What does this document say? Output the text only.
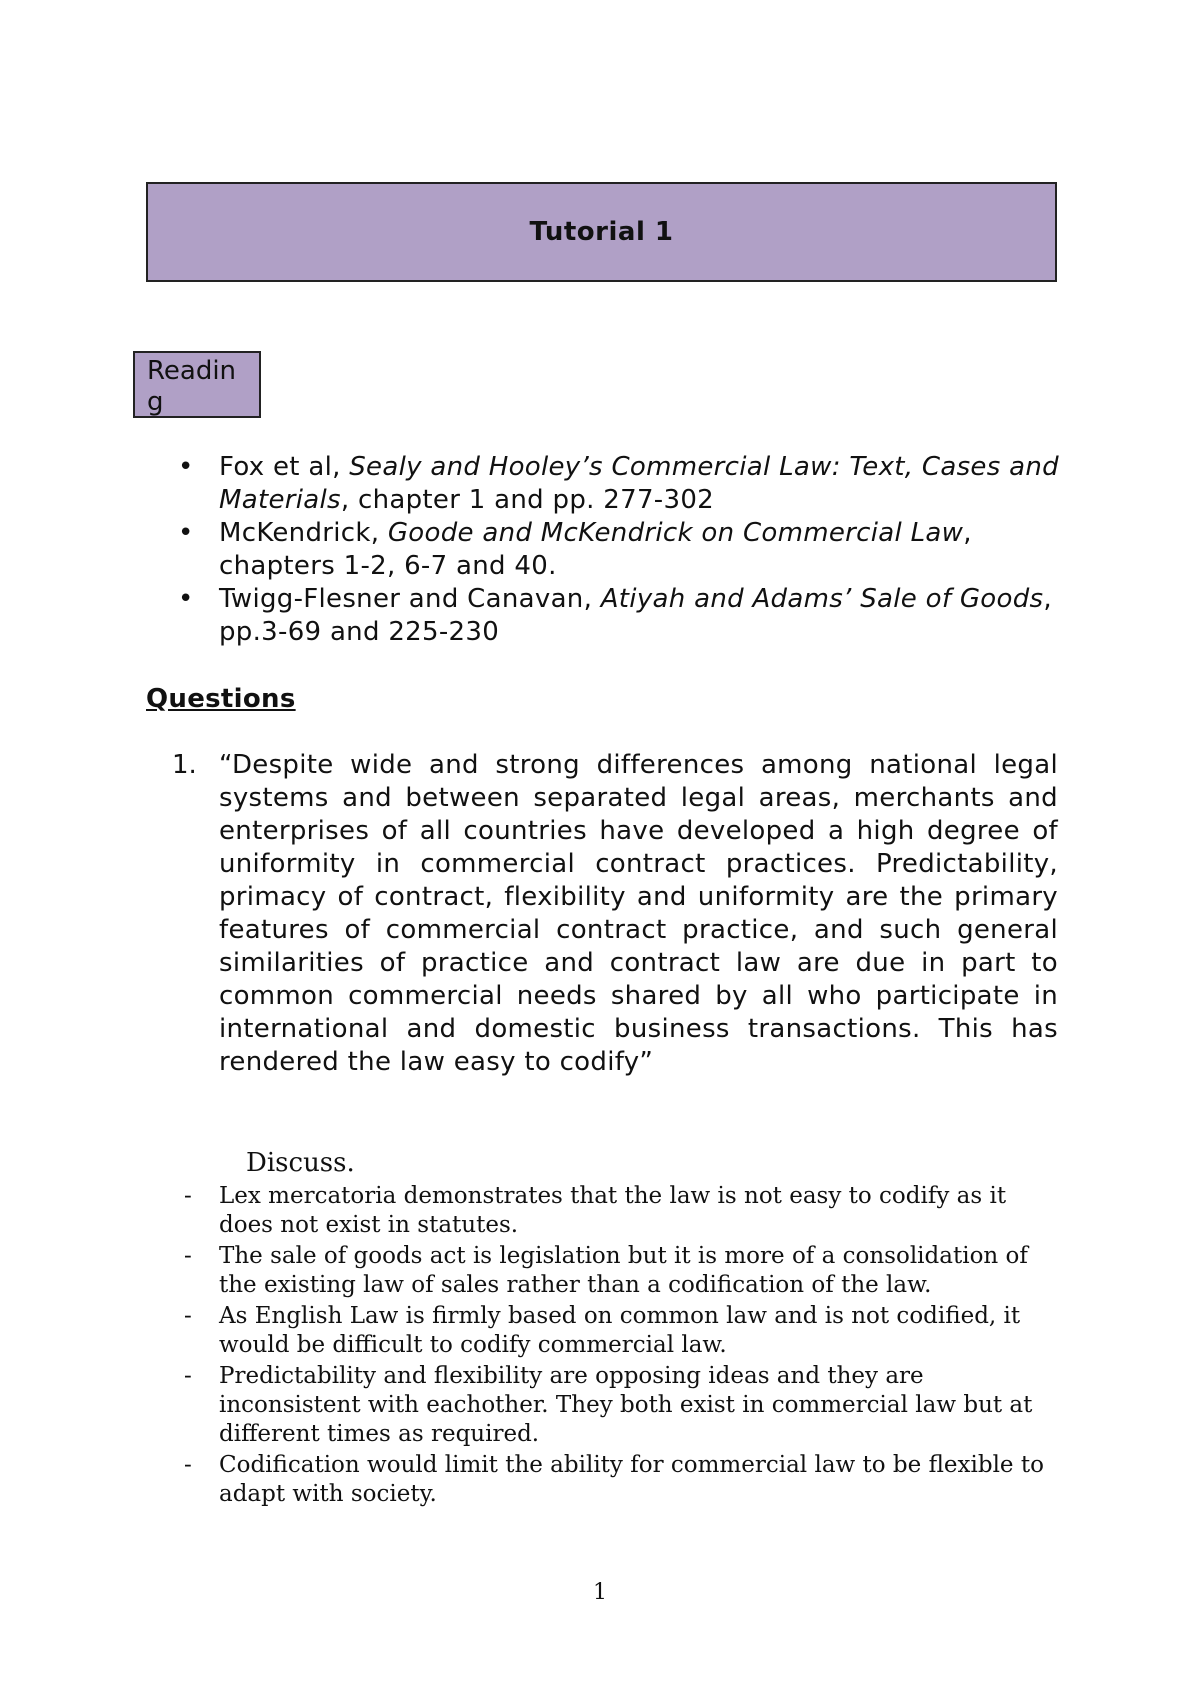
Tutorial 1
Reading
• Fox et al, Sealy and Hooley’s Commercial Law: Text, Cases and Materials, chapter 1 and pp. 277-302
• McKendrick, Goode and McKendrick on Commercial Law, chapters 1-2, 6-7 and 40.
• Twigg-Flesner and Canavan, Atiyah and Adams’ Sale of Goods, pp.3-69 and 225-230
Questions
1. “Despite wide and strong differences among national legal systems and between separated legal areas, merchants and enterprises of all countries have developed a high degree of uniformity in commercial contract practices. Predictability, primacy of contract, flexibility and uniformity are the primary features of commercial contract practice, and such general similarities of practice and contract law are due in part to common commercial needs shared by all who participate in international and domestic business transactions. This has rendered the law easy to codify”
Discuss.
- Lex mercatoria demonstrates that the law is not easy to codify as it does not exist in statutes.
- The sale of goods act is legislation but it is more of a consolidation of the existing law of sales rather than a codification of the law.
- As English Law is firmly based on common law and is not codified, it would be difficult to codify commercial law.
- Predictability and flexibility are opposing ideas and they are inconsistent with eachother. They both exist in commercial law but at different times as required.
- Codification would limit the ability for commercial law to be flexible to adapt with society.
1
